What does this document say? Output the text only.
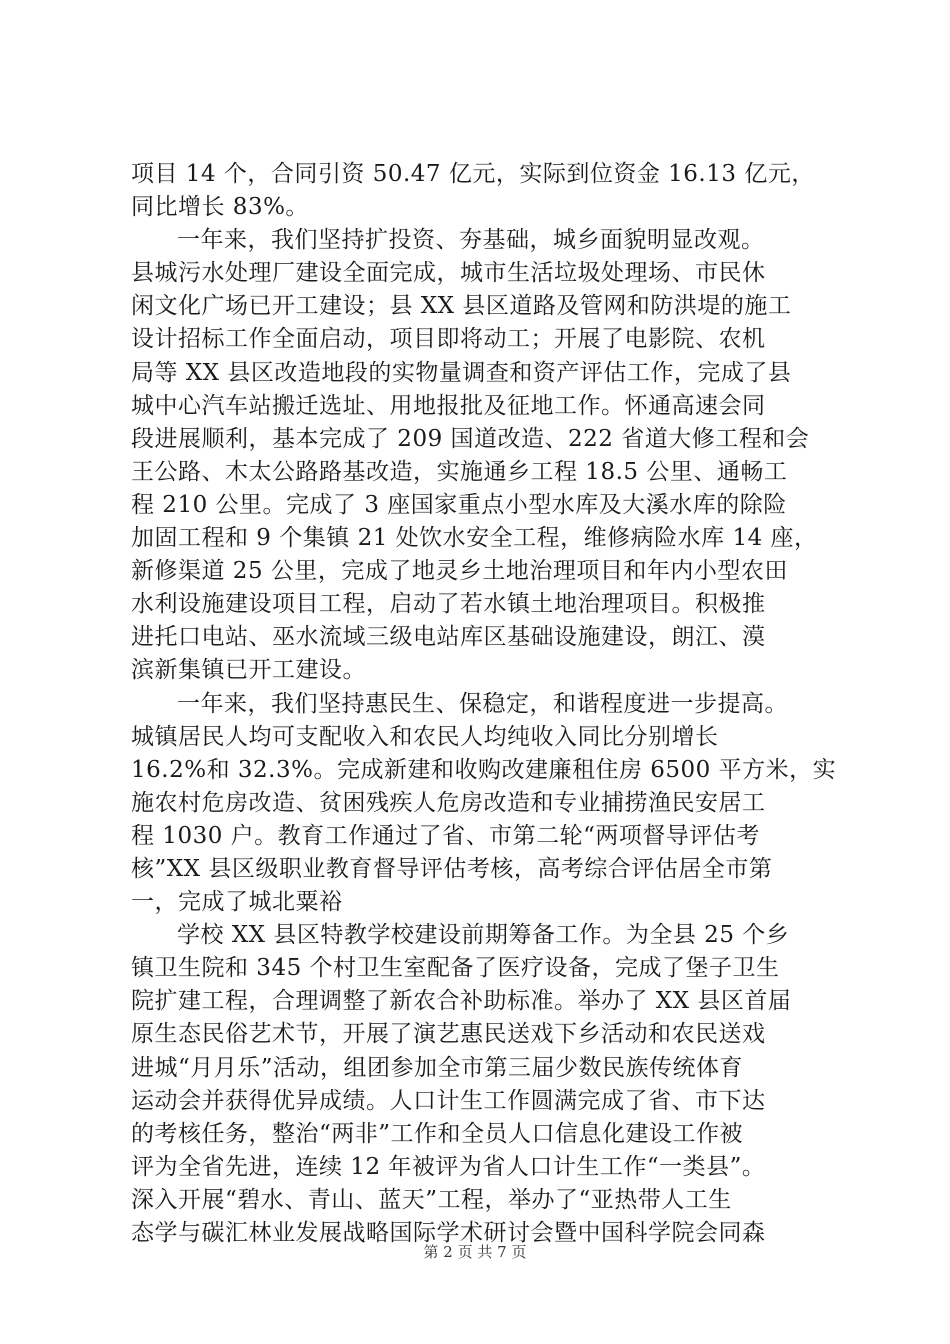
项目 14 个，合同引资 50.47 亿元，实际到位资金 16.13 亿元，
同比增长 83%。
一年来，我们坚持扩投资、夯基础，城乡面貌明显改观。
县城污水处理厂建设全面完成，城市生活垃圾处理场、市民休
闲文化广场已开工建设；县 XX 县区道路及管网和防洪堤的施工
设计招标工作全面启动，项目即将动工；开展了电影院、农机
局等 XX 县区改造地段的实物量调查和资产评估工作，完成了县
城中心汽车站搬迁选址、用地报批及征地工作。怀通高速会同
段进展顺利，基本完成了 209 国道改造、222 省道大修工程和会
王公路、木太公路路基改造，实施通乡工程 18.5 公里、通畅工
程 210 公里。完成了 3 座国家重点小型水库及大溪水库的除险
加固工程和 9 个集镇 21 处饮水安全工程，维修病险水库 14 座，
新修渠道 25 公里，完成了地灵乡土地治理项目和年内小型农田
水利设施建设项目工程，启动了若水镇土地治理项目。积极推
进托口电站、巫水流域三级电站库区基础设施建设，朗江、漠
滨新集镇已开工建设。
一年来，我们坚持惠民生、保稳定，和谐程度进一步提高。
城镇居民人均可支配收入和农民人均纯收入同比分别增长
16.2%和 32.3%。完成新建和收购改建廉租住房 6500 平方米，实
施农村危房改造、贫困残疾人危房改造和专业捕捞渔民安居工
程 1030 户。教育工作通过了省、市第二轮“两项督导评估考
核”XX 县区级职业教育督导评估考核，高考综合评估居全市第
一，完成了城北粟裕
学校 XX 县区特教学校建设前期筹备工作。为全县 25 个乡
镇卫生院和 345 个村卫生室配备了医疗设备，完成了堡子卫生
院扩建工程，合理调整了新农合补助标准。举办了 XX 县区首届
原生态民俗艺术节，开展了演艺惠民送戏下乡活动和农民送戏
进城“月月乐”活动，组团参加全市第三届少数民族传统体育
运动会并获得优异成绩。人口计生工作圆满完成了省、市下达
的考核任务，整治“两非”工作和全员人口信息化建设工作被
评为全省先进，连续 12 年被评为省人口计生工作“一类县”。
深入开展“碧水、青山、蓝天”工程，举办了“亚热带人工生
态学与碳汇林业发展战略国际学术研讨会暨中国科学院会同森
第 2 页 共 7 页
